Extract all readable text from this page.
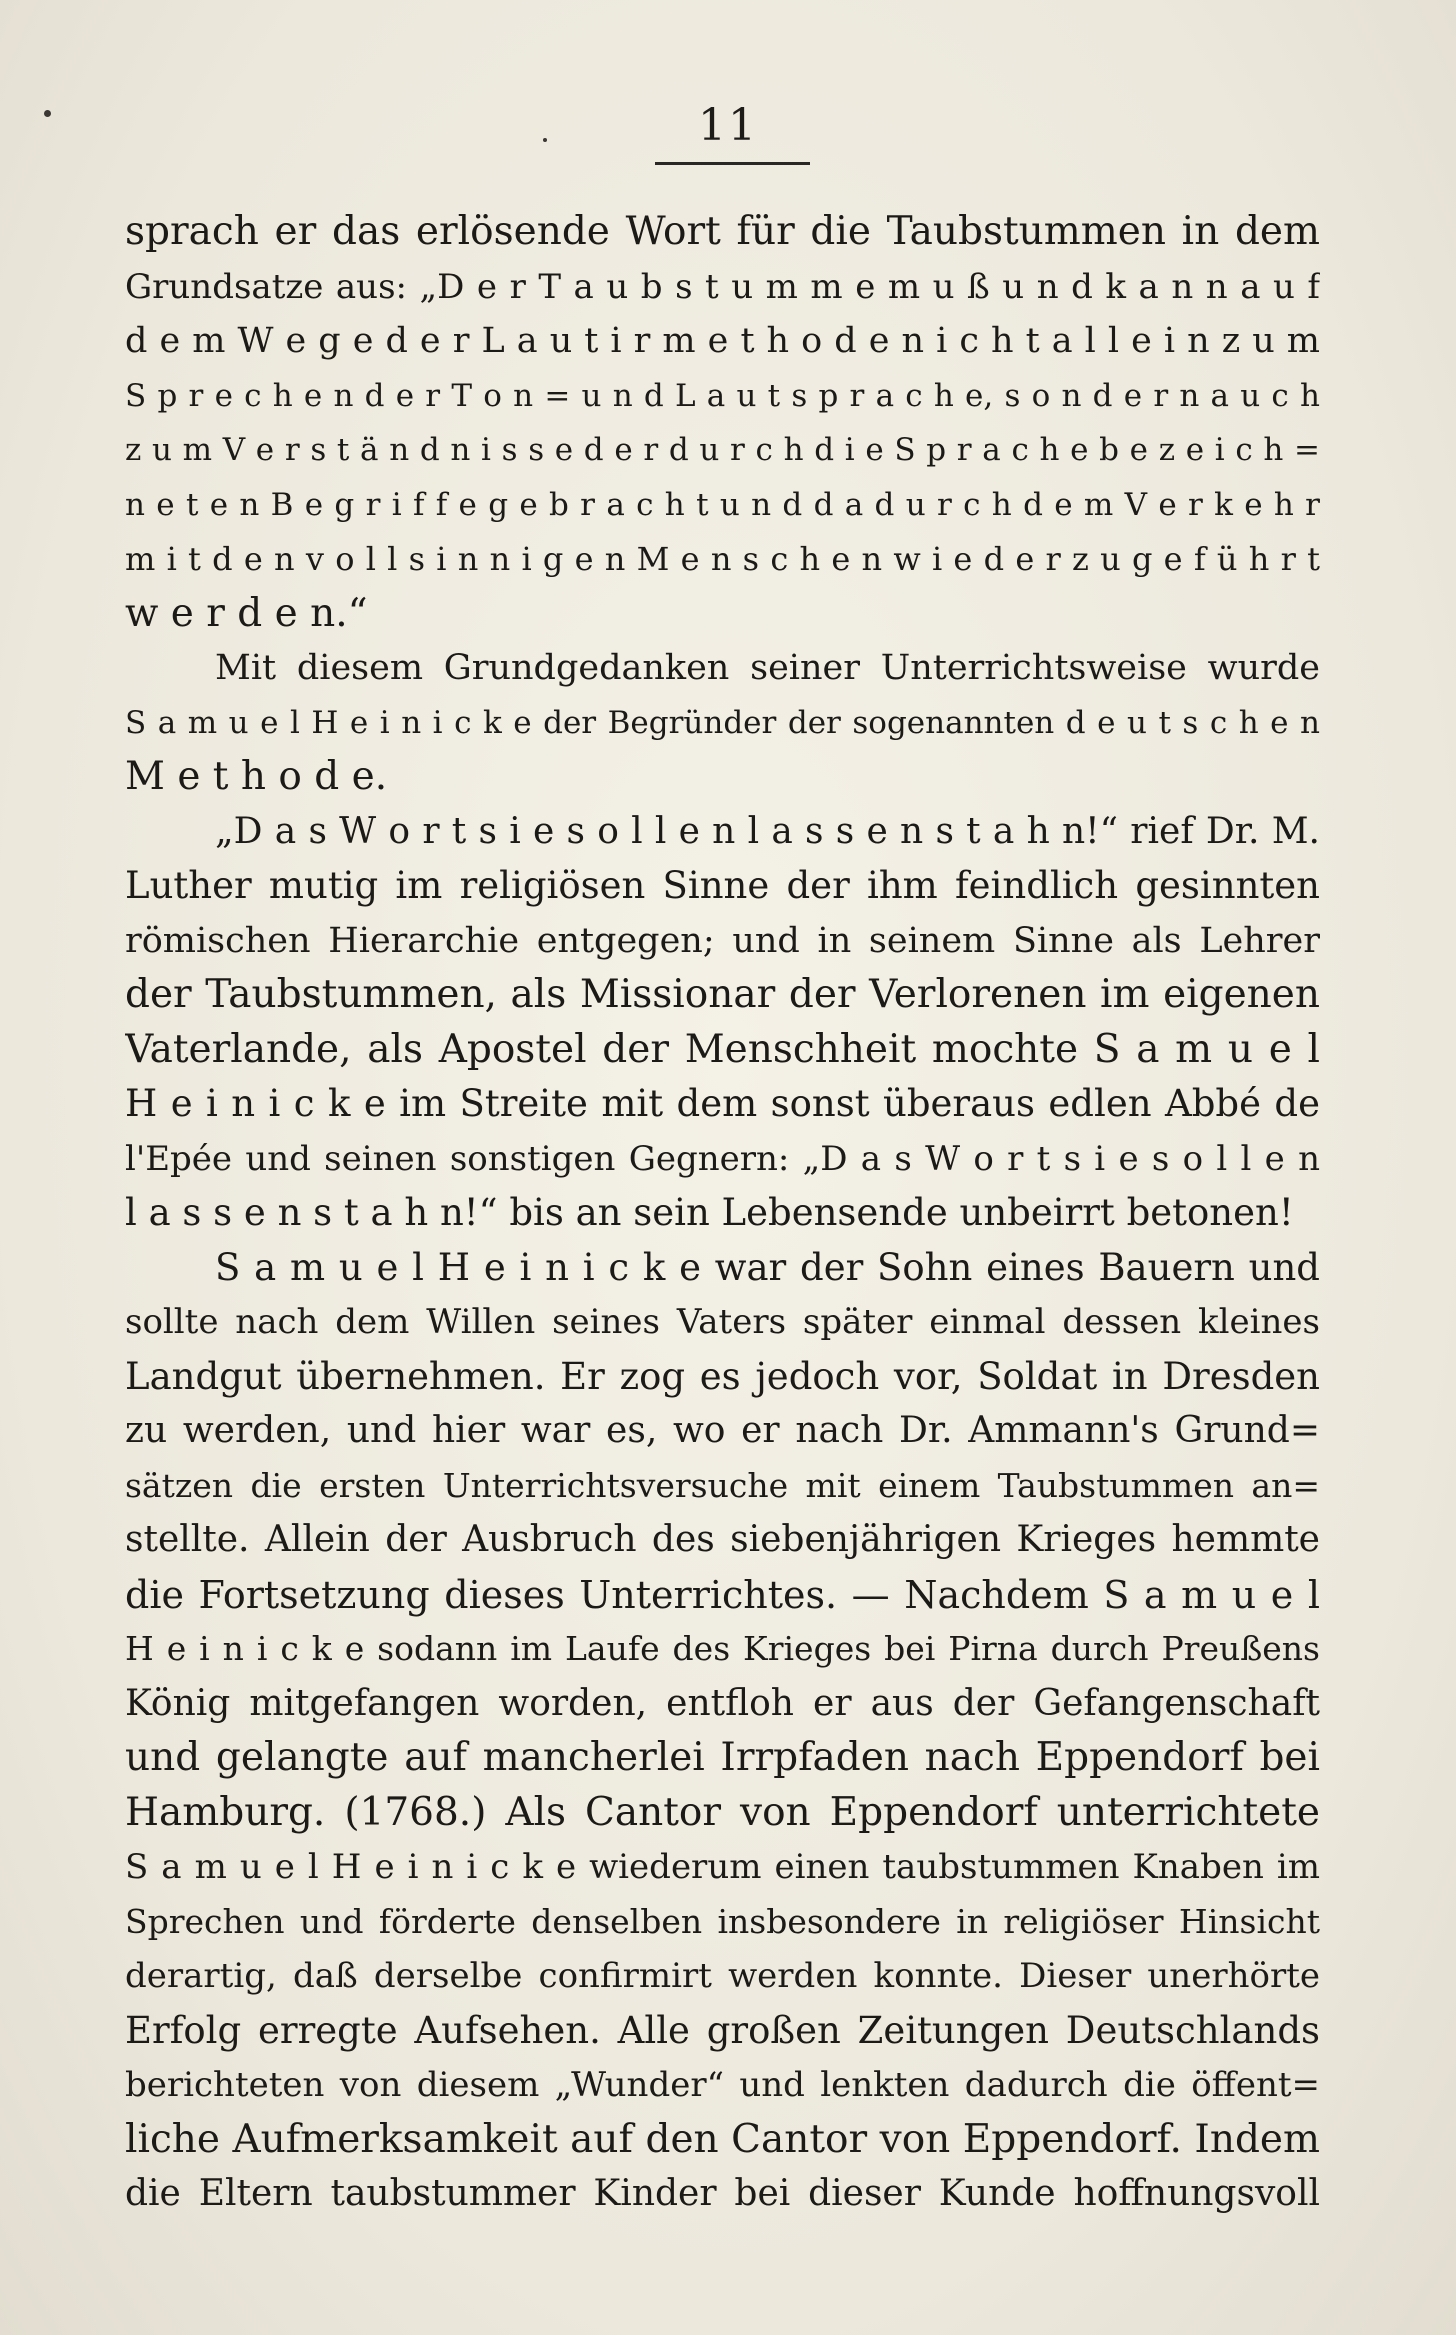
11
sprach er das erlösende Wort für die Taubstummen in dem
Grundsatze aus: „D e r T a u b s t u m m e m u ß u n d k a n n a u f
d e m W e g e d e r L a u t i r m e t h o d e n i c h t a l l e i n z u m
S p r e c h e n d e r T o n = u n d L a u t s p r a c h e, s o n d e r n a u c h
z u m V e r s t ä n d n i s s e d e r d u r c h d i e S p r a c h e b e z e i c h =
n e t e n B e g r i f f e g e b r a c h t u n d d a d u r c h d e m V e r k e h r
m i t d e n v o l l s i n n i g e n M e n s c h e n w i e d e r z u g e f ü h r t
w e r d e n.“
Mit diesem Grundgedanken seiner Unterrichtsweise wurde
S a m u e l H e i n i c k e der Begründer der sogenannten d e u t s c h e n
M e t h o d e.
„D a s W o r t s i e s o l l e n l a s s e n s t a h n!“ rief Dr. M.
Luther mutig im religiösen Sinne der ihm feindlich gesinnten
römischen Hierarchie entgegen; und in seinem Sinne als Lehrer
der Taubstummen, als Missionar der Verlorenen im eigenen
Vaterlande, als Apostel der Menschheit mochte S a m u e l
H e i n i c k e im Streite mit dem sonst überaus edlen Abbé de
l'Epée und seinen sonstigen Gegnern: „D a s W o r t s i e s o l l e n
l a s s e n s t a h n!“ bis an sein Lebensende unbeirrt betonen!
S a m u e l H e i n i c k e war der Sohn eines Bauern und
sollte nach dem Willen seines Vaters später einmal dessen kleines
Landgut übernehmen. Er zog es jedoch vor, Soldat in Dresden
zu werden, und hier war es, wo er nach Dr. Ammann's Grund=
sätzen die ersten Unterrichtsversuche mit einem Taubstummen an=
stellte. Allein der Ausbruch des siebenjährigen Krieges hemmte
die Fortsetzung dieses Unterrichtes. — Nachdem S a m u e l
H e i n i c k e sodann im Laufe des Krieges bei Pirna durch Preußens
König mitgefangen worden, entfloh er aus der Gefangenschaft
und gelangte auf mancherlei Irrpfaden nach Eppendorf bei
Hamburg. (1768.) Als Cantor von Eppendorf unterrichtete
S a m u e l H e i n i c k e wiederum einen taubstummen Knaben im
Sprechen und förderte denselben insbesondere in religiöser Hinsicht
derartig, daß derselbe confirmirt werden konnte. Dieser unerhörte
Erfolg erregte Aufsehen. Alle großen Zeitungen Deutschlands
berichteten von diesem „Wunder“ und lenkten dadurch die öffent=
liche Aufmerksamkeit auf den Cantor von Eppendorf. Indem
die Eltern taubstummer Kinder bei dieser Kunde hoffnungsvoll
